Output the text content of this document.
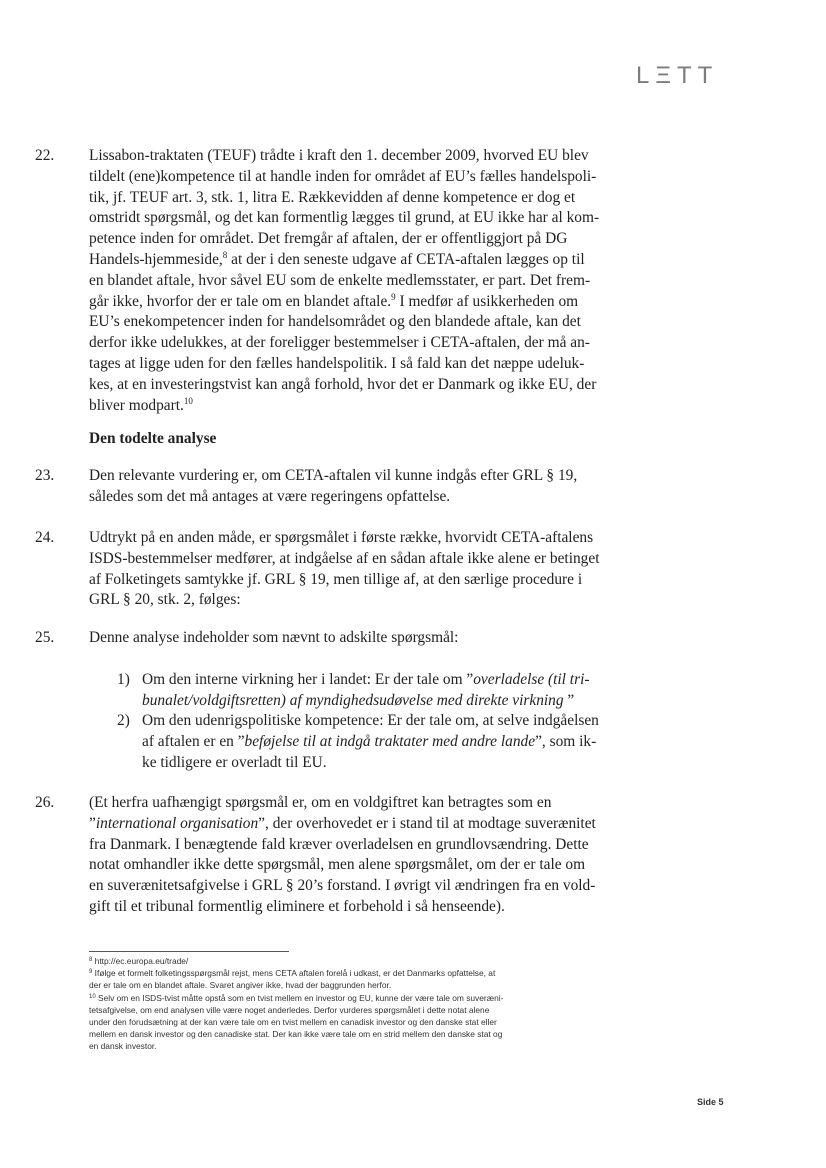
LΞTT
22. Lissabon-traktaten (TEUF) trådte i kraft den 1. december 2009, hvorved EU blev
tildelt (ene)kompetence til at handle inden for området af EU’s fælles handelspoli-
tik, jf. TEUF art. 3, stk. 1, litra E. Rækkevidden af denne kompetence er dog et
omstridt spørgsmål, og det kan formentlig lægges til grund, at EU ikke har al kom-
petence inden for området. Det fremgår af aftalen, der er offentliggjort på DG
Handels-hjemmeside,$^8$ at der i den seneste udgave af CETA-aftalen lægges op til
en blandet aftale, hvor såvel EU som de enkelte medlemsstater, er part. Det frem-
går ikke, hvorfor der er tale om en blandet aftale.$^9$ I medfør af usikkerheden om
EU’s enekompetencer inden for handelsområdet og den blandede aftale, kan det
derfor ikke udelukkes, at der foreligger bestemmelser i CETA-aftalen, der må an-
tages at ligge uden for den fælles handelspolitik. I så fald kan det næppe udeluk-
kes, at en investeringstvist kan angå forhold, hvor det er Danmark og ikke EU, der
bliver modpart.$^{10}$

Den todelte analyse
23. Den relevante vurdering er, om CETA-aftalen vil kunne indgås efter GRL § 19,
således som det må antages at være regeringens opfattelse.

24. Udtrykt på en anden måde, er spørgsmålet i første række, hvorvidt CETA-aftalens
ISDS-bestemmelser medfører, at indgåelse af en sådan aftale ikke alene er betinget
af Folketingets samtykke jf. GRL § 19, men tillige af, at den særlige procedure i
GRL § 20, stk. 2, følges:

25. Denne analyse indeholder som nævnt to adskilte spørgsmål:

1) Om den interne virkning her i landet: Er der tale om ”overladelse (til tri-
bunalet/voldgiftsretten) af myndighedsudøvelse med direkte virkning ”
2) Om den udenrigspolitiske kompetence: Er der tale om, at selve indgåelsen
af aftalen er en ”beføjelse til at indgå traktater med andre lande”, som ik-
ke tidligere er overladt til EU.
26. (Et herfra uafhængigt spørgsmål er, om en voldgiftret kan betragtes som en
”international organisation”, der overhovedet er i stand til at modtage suverænitet
fra Danmark. I benægtende fald kræver overladelsen en grundlovsændring. Dette
notat omhandler ikke dette spørgsmål, men alene spørgsmålet, om der er tale om
en suverænitetsafgivelse i GRL § 20’s forstand. I øvrigt vil ændringen fra en vold-
gift til et tribunal formentlig eliminere et forbehold i så henseende).

$^8$ http://ec.europa.eu/trade/
$^9$ Ifølge et formelt folketingsspørgsmål rejst, mens CETA aftalen forelå i udkast, er det Danmarks opfattelse, at
der er tale om en blandet aftale. Svaret angiver ikke, hvad der baggrunden herfor.
$^{10}$ Selv om en ISDS-tvist måtte opstå som en tvist mellem en investor og EU, kunne der være tale om suveræni-
tetsafgivelse, om end analysen ville være noget anderledes. Derfor vurderes spørgsmålet i dette notat alene
under den forudsætning at der kan være tale om en tvist mellem en canadisk investor og den danske stat eller
mellem en dansk investor og den canadiske stat. Der kan ikke være tale om en strid mellem den danske stat og
en dansk investor.
Side 5
